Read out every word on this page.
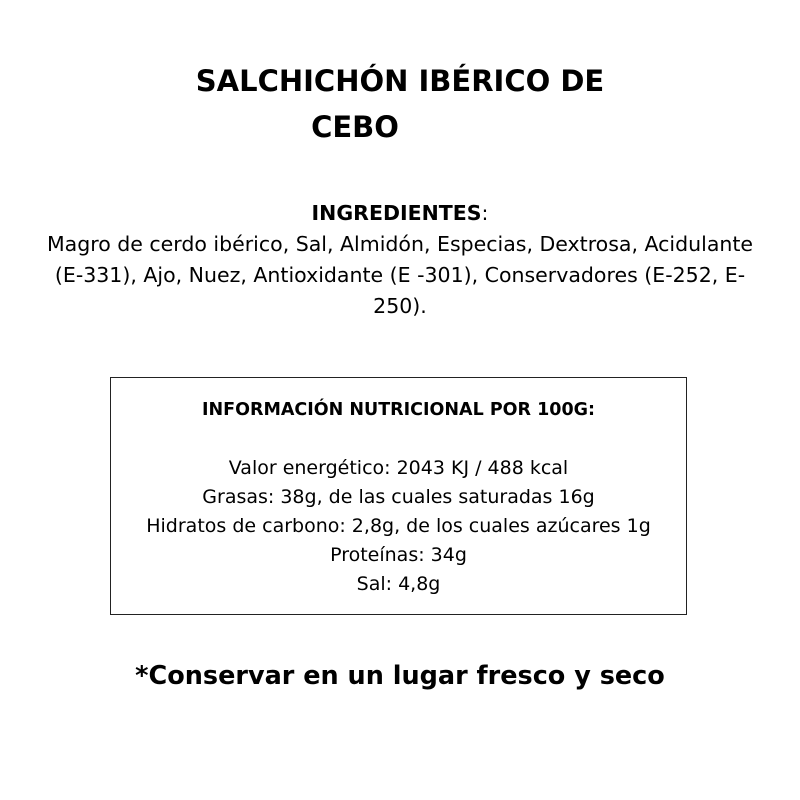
SALCHICHÓN IBÉRICO DE
CEBO
INGREDIENTES:
Magro de cerdo ibérico, Sal, Almidón, Especias, Dextrosa, Acidulante (E-331), Ajo, Nuez, Antioxidante (E -301), Conservadores (E-252, E-250).
INFORMACIÓN NUTRICIONAL POR 100G:
Valor energético: 2043 KJ / 488 kcal
Grasas: 38g, de las cuales saturadas 16g
Hidratos de carbono: 2,8g, de los cuales azúcares 1g
Proteínas: 34g
Sal: 4,8g
*Conservar en un lugar fresco y seco
